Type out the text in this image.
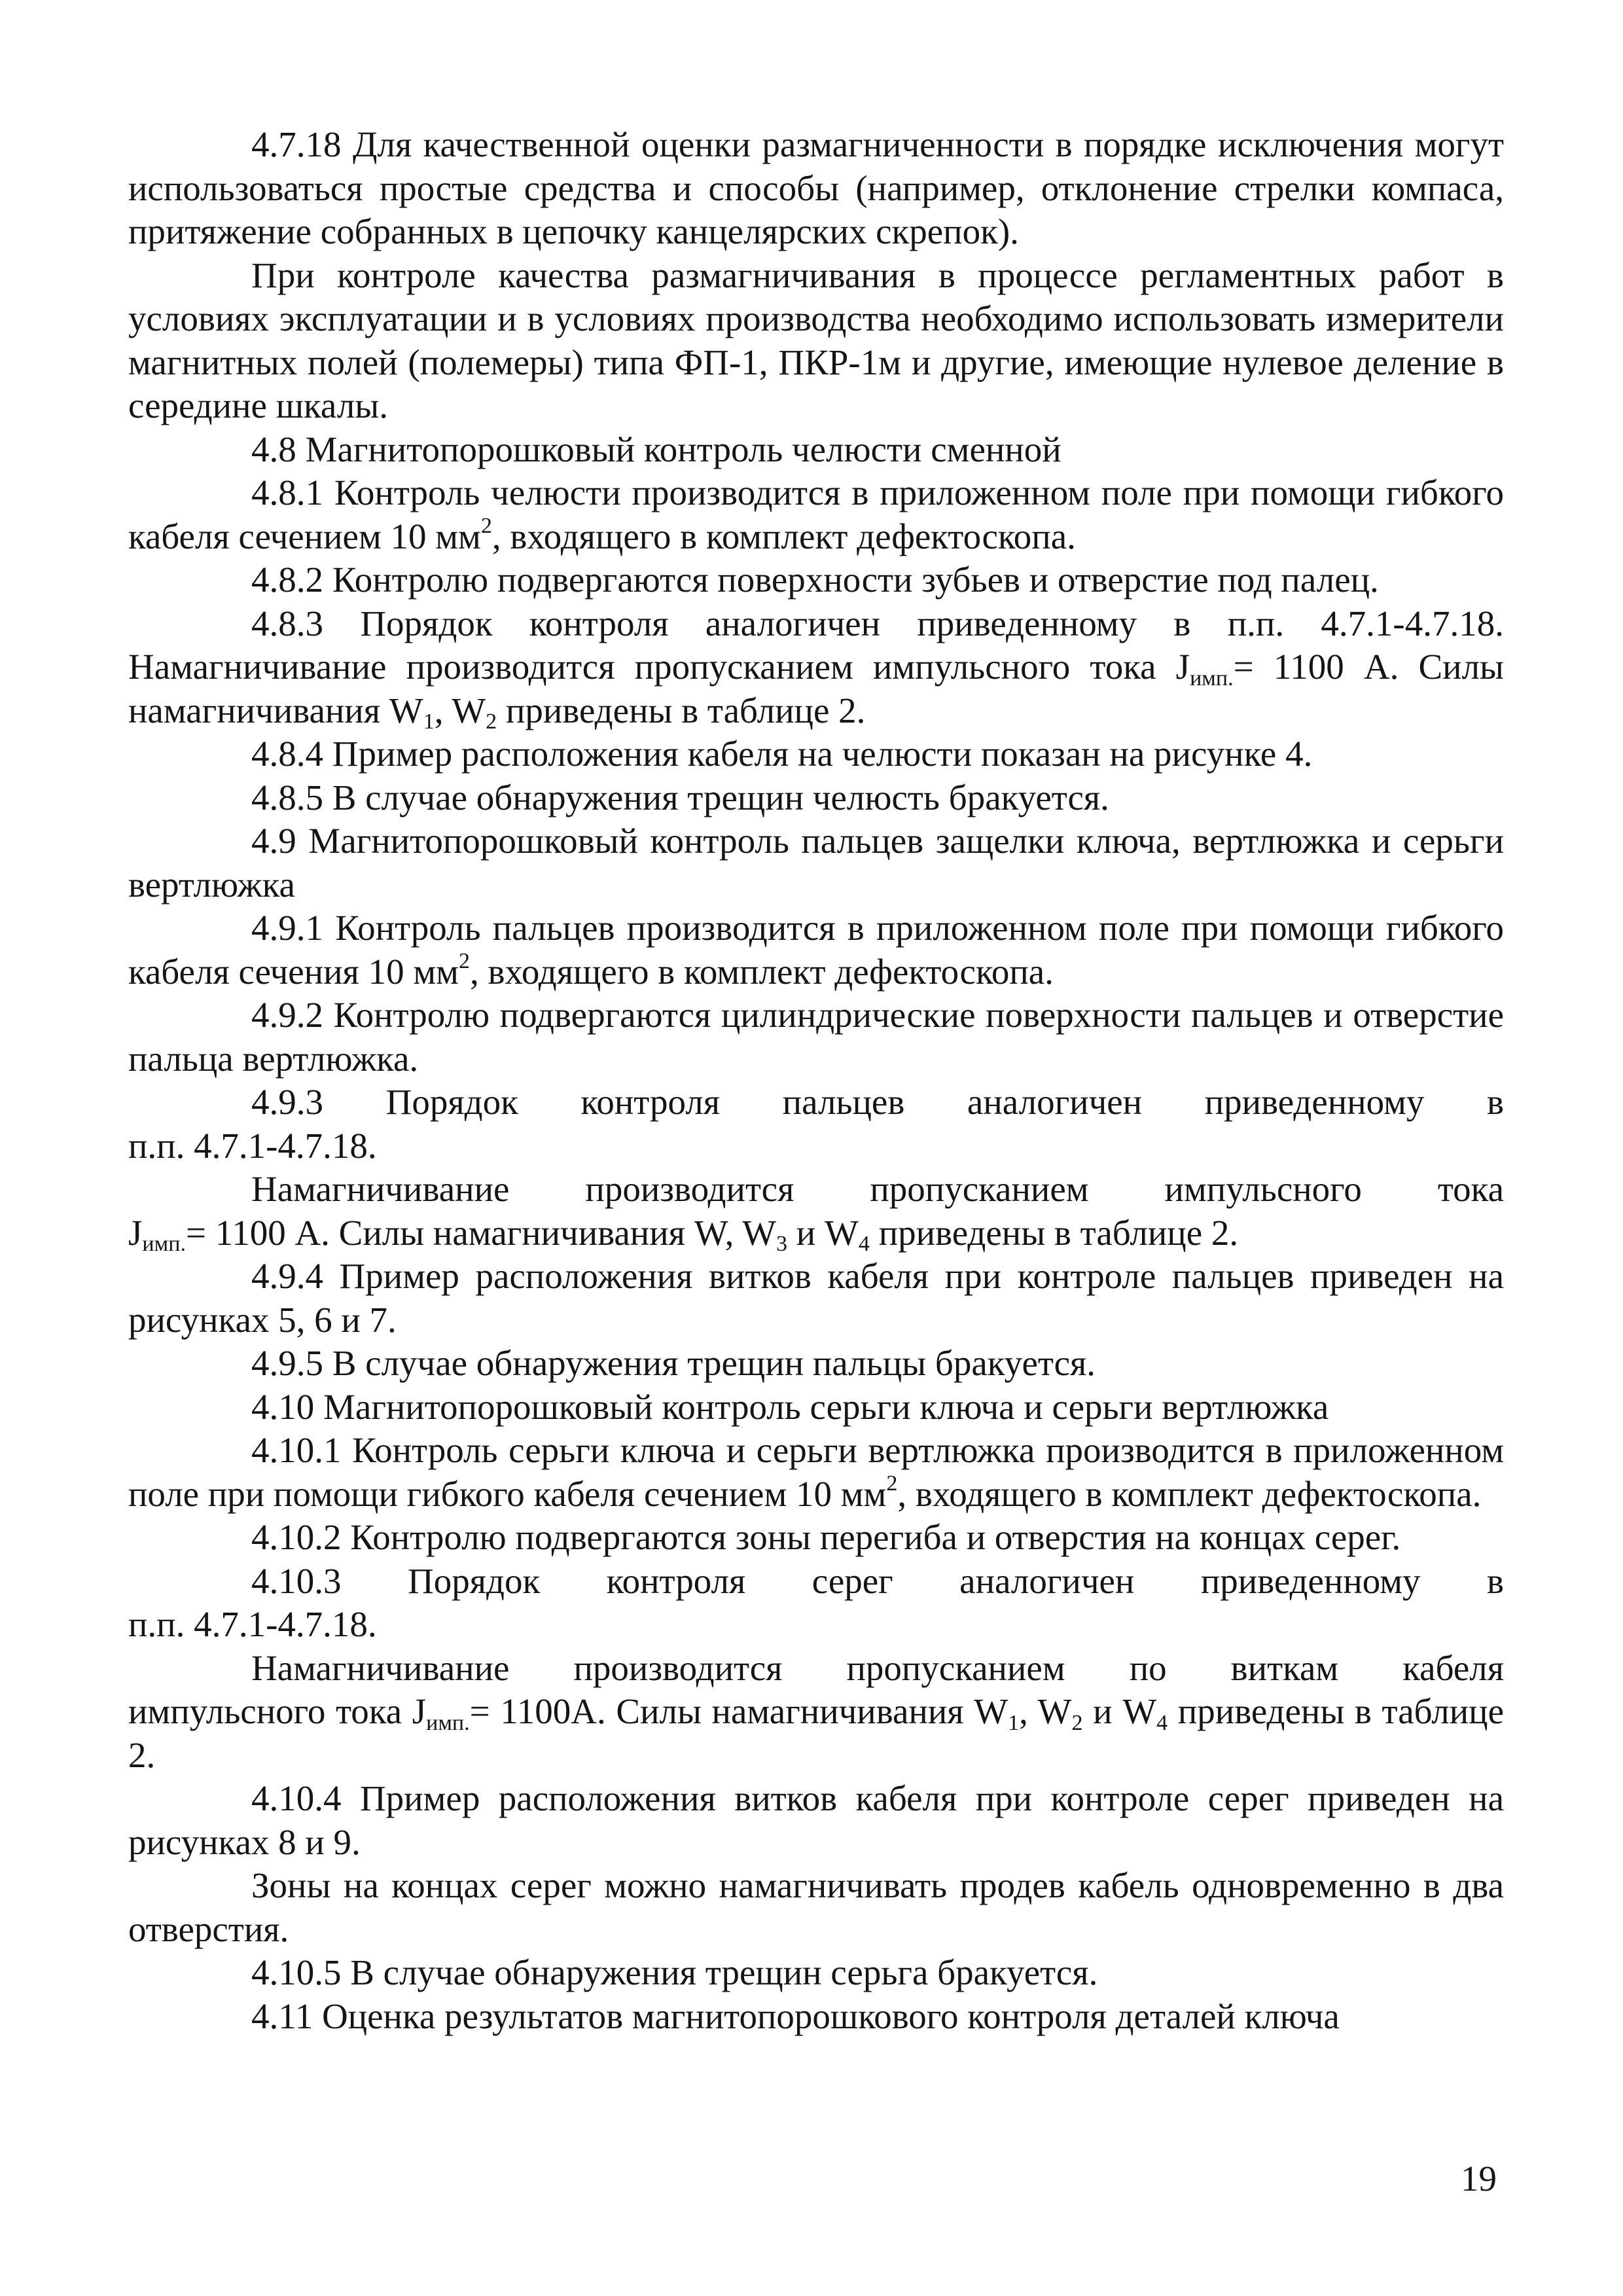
4.7.18 Для качественной оценки размагниченности в порядке исключения могут использоваться простые средства и способы (например, отклонение стрелки компаса, притяжение собранных в цепочку канцелярских скрепок).

При контроле качества размагничивания в процессе регламентных работ в условиях эксплуатации и в условиях производства необходимо использовать измерители магнитных полей (полемеры) типа ФП-1, ПКР-1м и другие, имеющие нулевое деление в середине шкалы.

4.8 Магнитопорошковый контроль челюсти сменной

4.8.1 Контроль челюсти производится в приложенном поле при помощи гибкого кабеля сечением 10 $мм^2$, входящего в комплект дефектоскопа.

4.8.2 Контролю подвергаются поверхности зубьев и отверстие под палец.

4.8.3 Порядок контроля аналогичен приведенному в п.п. 4.7.1-4.7.18. Намагничивание производится пропусканием импульсного тока $J_{имп.}= 1100$ А. Силы намагничивания $W_1$, $W_2$ приведены в таблице 2.

4.8.4 Пример расположения кабеля на челюсти показан на рисунке 4.

4.8.5 В случае обнаружения трещин челюсть бракуется.

4.9 Магнитопорошковый контроль пальцев защелки ключа, вертлюжка и серьги вертлюжка

4.9.1 Контроль пальцев производится в приложенном поле при помощи гибкого кабеля сечения 10 $мм^2$, входящего в комплект дефектоскопа.

4.9.2 Контролю подвергаются цилиндрические поверхности пальцев и отверстие пальца вертлюжка.

4.9.3 Порядок контроля пальцев аналогичен приведенному в

п.п. 4.7.1-4.7.18.

Намагничивание производится пропусканием импульсного тока

$J_{имп.}= 1100$ А. Силы намагничивания W, $W_3$ и $W_4$ приведены в таблице 2.

4.9.4 Пример расположения витков кабеля при контроле пальцев приведен на рисунках 5, 6 и 7.

4.9.5 В случае обнаружения трещин пальцы бракуется.

4.10 Магнитопорошковый контроль серьги ключа и серьги вертлюжка

4.10.1 Контроль серьги ключа и серьги вертлюжка производится в приложенном поле при помощи гибкого кабеля сечением 10 $мм^2$, входящего в комплект дефектоскопа.

4.10.2 Контролю подвергаются зоны перегиба и отверстия на концах серег.

4.10.3 Порядок контроля серег аналогичен приведенному в

п.п. 4.7.1-4.7.18.

Намагничивание производится пропусканием по виткам кабеля

импульсного тока $J_{имп.}= 1100А$. Силы намагничивания $W_1$, $W_2$ и $W_4$ приведены в таблице 2.

4.10.4 Пример расположения витков кабеля при контроле серег приведен на рисунках 8 и 9.

Зоны на концах серег можно намагничивать продев кабель одновременно в два отверстия.

4.10.5 В случае обнаружения трещин серьга бракуется.

4.11 Оценка результатов магнитопорошкового контроля деталей ключа

19
